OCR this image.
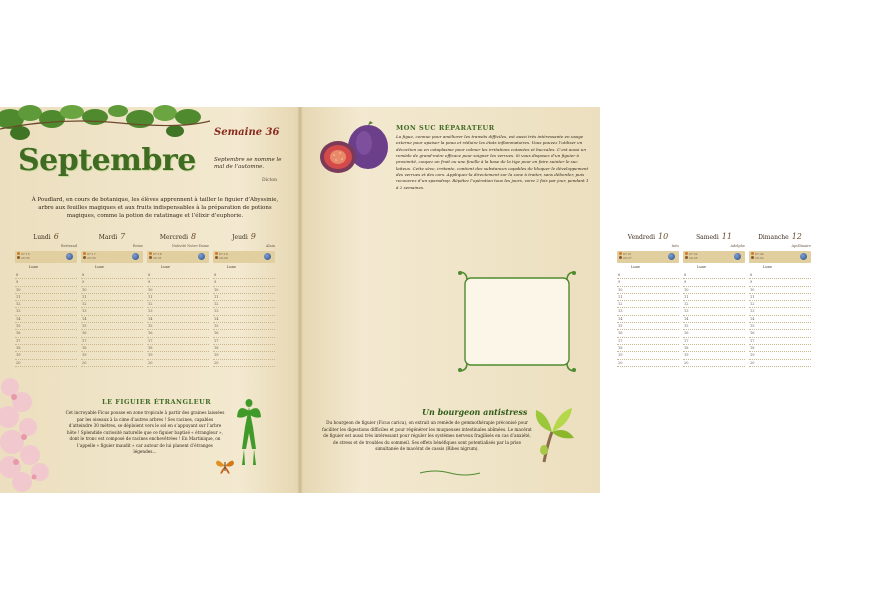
Septembre
Semaine 36
Septembre se nomme le mal de l’automne.
Dicton
À Poudlard, en cours de botanique, les élèves apprennent à tailler le figuier d’Abyssinie, arbre aux feuilles magiques et aux fruits indispensables à la préparation de potions magiques, comme la potion de ratatinage et l’élixir d’euphorie.
Lundi 6
Bertrand
07:15
20:35
Lune
8
9
10
11
12
13
14
15
16
17
18
19
20
Mardi 7
Reine
07:17
20:33
Lune
8
9
10
11
12
13
14
15
16
17
18
19
20
Mercredi 8
Nativité Notre-Dame
07:18
20:31
Lune
8
9
10
11
12
13
14
15
16
17
18
19
20
Jeudi 9
Alain
07:19
20:29
Lune
8
9
10
11
12
13
14
15
16
17
18
19
20
LE FIGUIER ÉTRANGLEUR
Cet incroyable Ficus pousse en zone tropicale à partir des graines laissées par les oiseaux à la cime d’autres arbres ! Ses racines, capables d’atteindre 30 mètres, se déploient vers le sol en s’appuyant sur l’arbre hôte ! Splendide curiosité naturelle que ce figuier baptisé « étrangleur », dont le tronc est composé de racines enchevêtrées ! En Martinique, on l’appelle « figuier maudit » car autour de lui planent d’étranges légendes…
MON SUC RÉPARATEUR
La figue, connue pour améliorer les transits difficiles, est aussi très intéressante en usage externe pour apaiser la peau et réduire les états inflammatoires. Vous pouvez l’utiliser en décoction ou en cataplasme pour calmer les irritations cutanées et buccales. C’est aussi un remède de grand-mère efficace pour soigner les verrues. Si vous disposez d’un figuier à proximité, coupez un fruit ou une feuille à la base de la tige pour en faire suinter le suc laiteux. Cette sève, irritante, contient des substances capables de bloquer le développement des verrues et des cors. Appliquez-la directement sur la zone à traiter, sans déborder, puis recouvrez d’un sparadrap. Répétez l’opération tous les jours, voire 2 fois par jour, pendant 1 à 2 semaines.
Vendredi 10
Inès
07:21
20:27
Lune
8
9
10
11
12
13
14
15
16
17
18
19
20
Samedi 11
Adelphe
07:22
20:25
Lune
8
9
10
11
12
13
14
15
16
17
18
19
20
Dimanche 12
Apollinaire
07:24
20:22
Lune
8
9
10
11
12
13
14
15
16
17
18
19
20
Un bourgeon antistress
Du bourgeon de figuier (Ficus carica), on extrait un remède de gemmothérapie préconisé pour faciliter les digestions difficiles et pour régénérer les muqueuses intestinales abîmées. Le macérat de figuier est aussi très intéressant pour réguler les systèmes nerveux fragilisés en cas d’anxiété, de stress et de troubles du sommeil. Ses effets bénéfiques sont potentialisés par la prise simultanée de macérat de cassis (Ribes nigrum).
